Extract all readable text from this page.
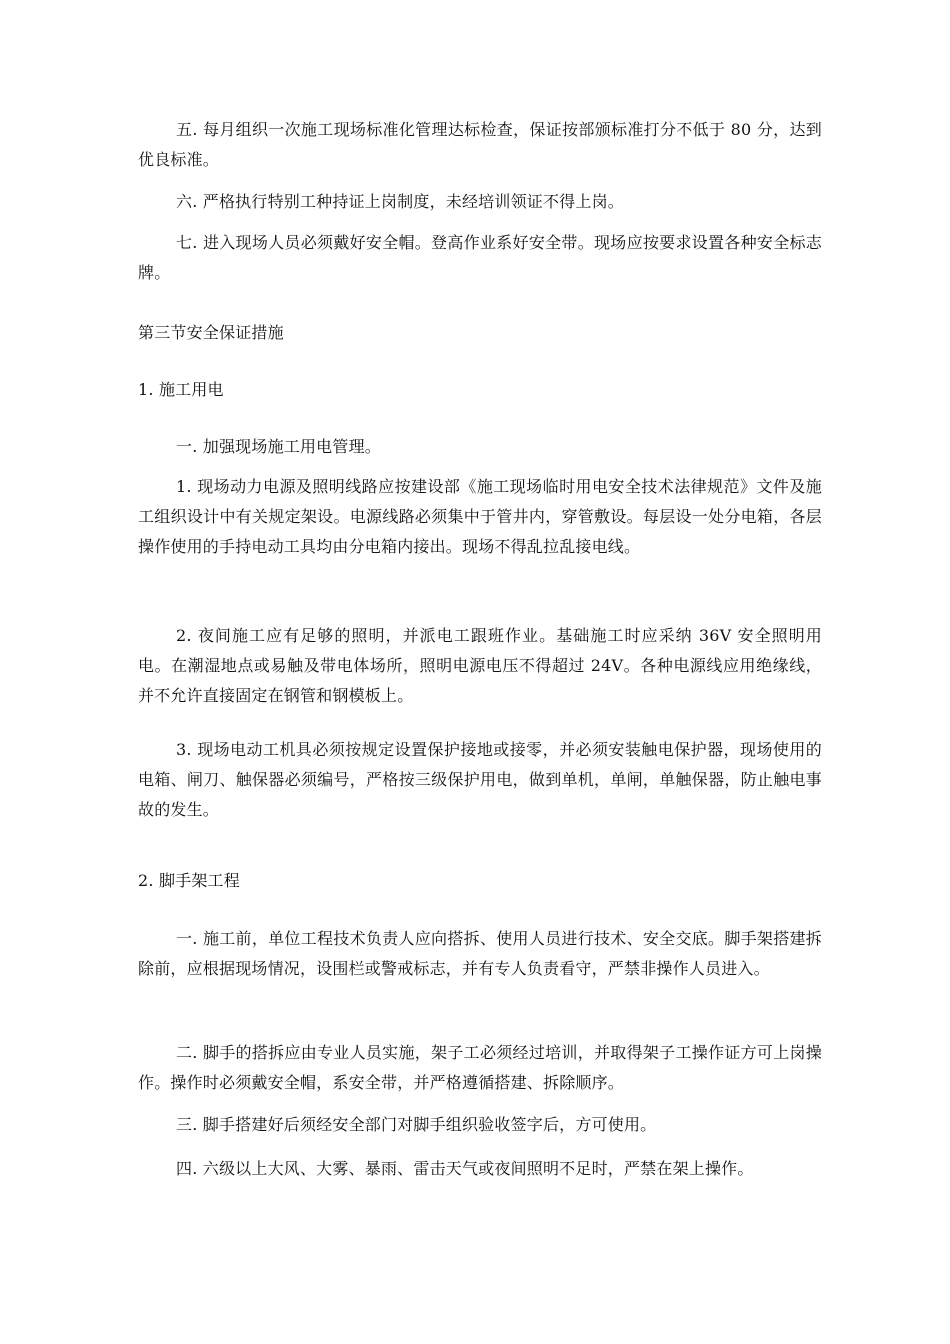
五. 每月组织一次施工现场标准化管理达标检查，保证按部颁标准打分不低于 80 分，达到优良标准。

六. 严格执行特别工种持证上岗制度，未经培训领证不得上岗。

七. 进入现场人员必须戴好安全帽。登高作业系好安全带。现场应按要求设置各种安全标志牌。

第三节安全保证措施

1. 施工用电

一. 加强现场施工用电管理。

1. 现场动力电源及照明线路应按建设部《施工现场临时用电安全技术法律规范》文件及施工组织设计中有关规定架设。电源线路必须集中于管井内，穿管敷设。每层设一处分电箱，各层操作使用的手持电动工具均由分电箱内接出。现场不得乱拉乱接电线。

2. 夜间施工应有足够的照明，并派电工跟班作业。基础施工时应采纳 36V 安全照明用电。在潮湿地点或易触及带电体场所，照明电源电压不得超过 24V。各种电源线应用绝缘线，并不允许直接固定在钢管和钢模板上。

3. 现场电动工机具必须按规定设置保护接地或接零，并必须安装触电保护器，现场使用的电箱、闸刀、触保器必须编号，严格按三级保护用电，做到单机，单闸，单触保器，防止触电事故的发生。

2. 脚手架工程

一. 施工前，单位工程技术负责人应向搭拆、使用人员进行技术、安全交底。脚手架搭建拆除前，应根据现场情况，设围栏或警戒标志，并有专人负责看守，严禁非操作人员进入。

二. 脚手的搭拆应由专业人员实施，架子工必须经过培训，并取得架子工操作证方可上岗操作。操作时必须戴安全帽，系安全带，并严格遵循搭建、拆除顺序。

三. 脚手搭建好后须经安全部门对脚手组织验收签字后，方可使用。

四. 六级以上大风、大雾、暴雨、雷击天气或夜间照明不足时，严禁在架上操作。
